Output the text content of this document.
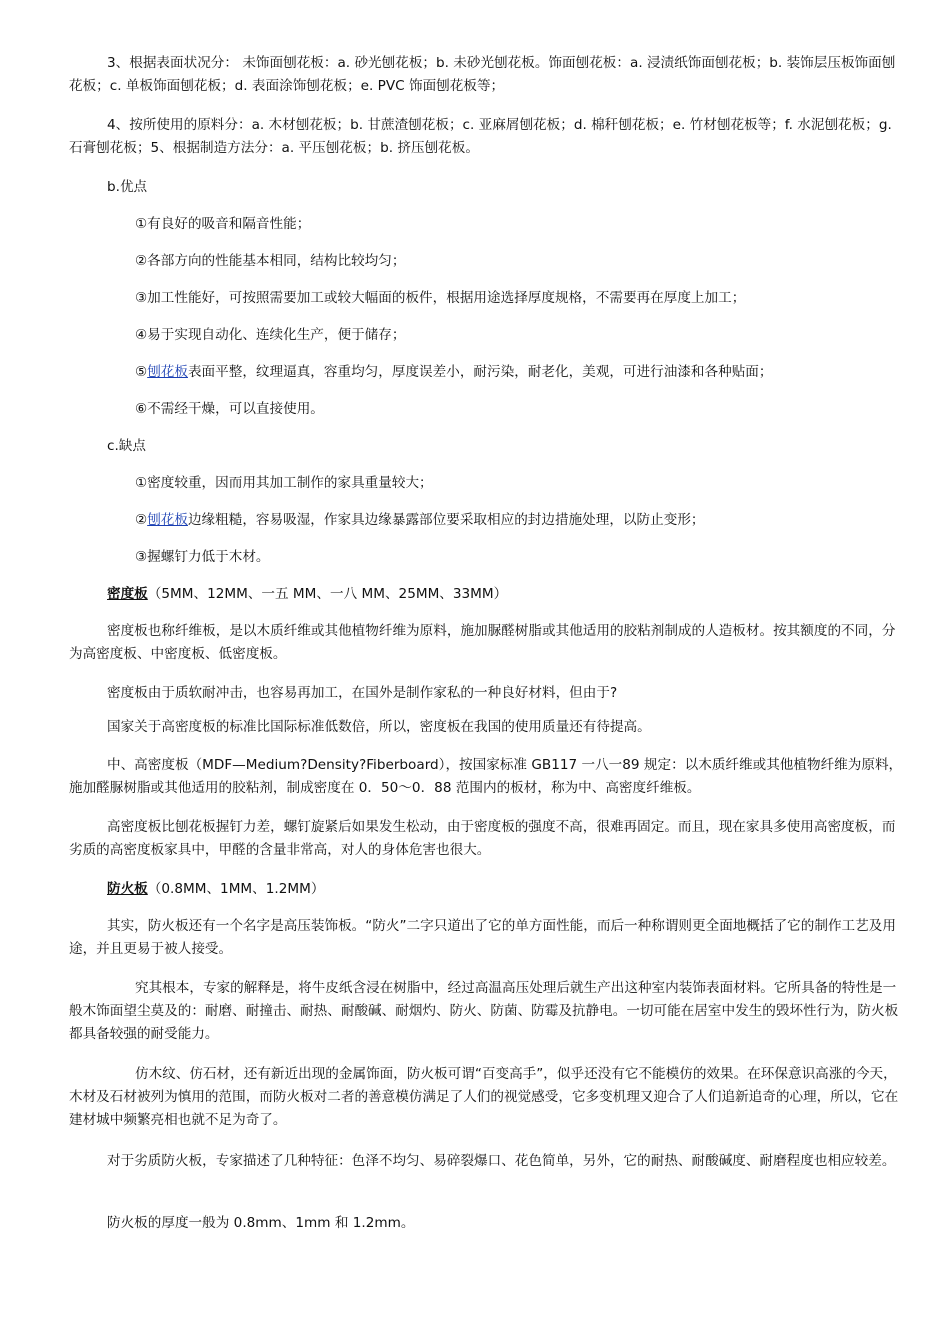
3、根据表面状况分： 未饰面刨花板：a. 砂光刨花板；b. 未砂光刨花板。饰面刨花板：a. 浸渍纸饰面刨花板；b. 装饰层压板饰面刨花板；c. 单板饰面刨花板；d. 表面涂饰刨花板；e. PVC 饰面刨花板等；

4、按所使用的原料分：a. 木材刨花板；b. 甘蔗渣刨花板；c. 亚麻屑刨花板；d. 棉秆刨花板；e. 竹材刨花板等；f. 水泥刨花板；g. 石膏刨花板；5、根据制造方法分：a. 平压刨花板；b. 挤压刨花板。

b.优点

①有良好的吸音和隔音性能；

②各部方向的性能基本相同，结构比较均匀；

③加工性能好，可按照需要加工或较大幅面的板件，根据用途选择厚度规格，不需要再在厚度上加工；

④易于实现自动化、连续化生产，便于储存；

⑤刨花板表面平整，纹理逼真，容重均匀，厚度误差小，耐污染，耐老化，美观，可进行油漆和各种贴面；

⑥不需经干燥，可以直接使用。

c.缺点

①密度较重，因而用其加工制作的家具重量较大；

②刨花板边缘粗糙，容易吸湿，作家具边缘暴露部位要采取相应的封边措施处理，以防止变形；

③握螺钉力低于木材。

密度板（5MM、12MM、一五 MM、一八 MM、25MM、33MM）

密度板也称纤维板，是以木质纤维或其他植物纤维为原料，施加脲醛树脂或其他适用的胶粘剂制成的人造板材。按其额度的不同，分为高密度板、中密度板、低密度板。

密度板由于质软耐冲击，也容易再加工，在国外是制作家私的一种良好材料，但由于?

国家关于高密度板的标准比国际标准低数倍，所以，密度板在我国的使用质量还有待提高。

中、高密度板（MDF—Medium?Density?Fiberboard），按国家标准 GB117 一八一89 规定：以木质纤维或其他植物纤维为原料，施加醛脲树脂或其他适用的胶粘剂，制成密度在 0．50～0．88 范围内的板材，称为中、高密度纤维板。

高密度板比刨花板握钉力差，螺钉旋紧后如果发生松动，由于密度板的强度不高，很难再固定。而且，现在家具多使用高密度板，而劣质的高密度板家具中，甲醛的含量非常高，对人的身体危害也很大。

防火板（0.8MM、1MM、1.2MM）

其实，防火板还有一个名字是高压装饰板。“防火”二字只道出了它的单方面性能，而后一种称谓则更全面地概括了它的制作工艺及用途，并且更易于被人接受。

究其根本，专家的解释是，将牛皮纸含浸在树脂中，经过高温高压处理后就生产出这种室内装饰表面材料。它所具备的特性是一般木饰面望尘莫及的：耐磨、耐撞击、耐热、耐酸碱、耐烟灼、防火、防菌、防霉及抗静电。一切可能在居室中发生的毁坏性行为，防火板都具备较强的耐受能力。

仿木纹、仿石材，还有新近出现的金属饰面，防火板可谓“百变高手”，似乎还没有它不能模仿的效果。在环保意识高涨的今天，木材及石材被列为慎用的范围，而防火板对二者的善意模仿满足了人们的视觉感受，它多变机理又迎合了人们追新追奇的心理，所以，它在建材城中频繁亮相也就不足为奇了。

对于劣质防火板，专家描述了几种特征：色泽不均匀、易碎裂爆口、花色简单，另外，它的耐热、耐酸碱度、耐磨程度也相应较差。

防火板的厚度一般为 0.8mm、1mm 和 1.2mm。
